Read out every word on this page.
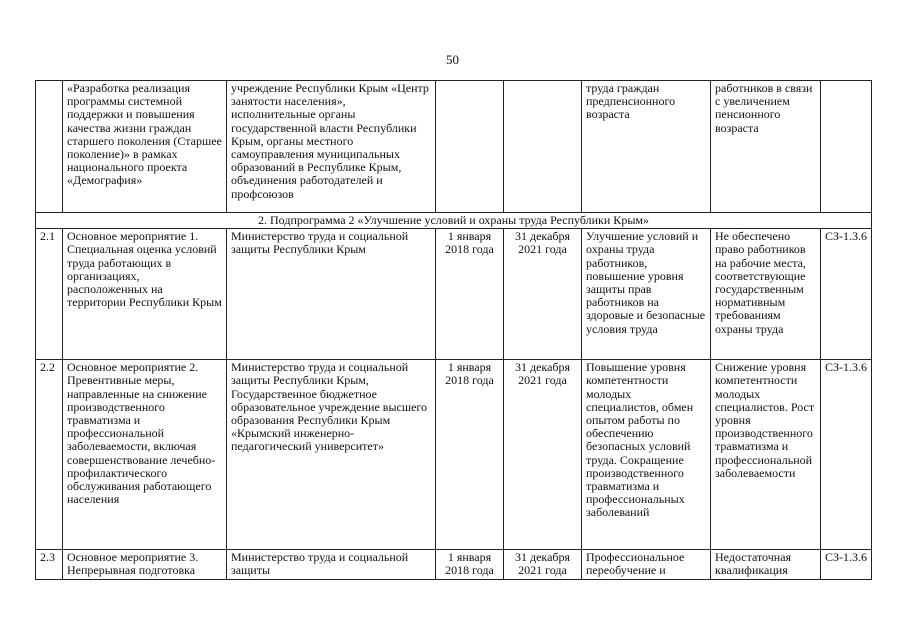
50
	«Разработка реализация программы системной поддержки и повышения качества жизни граждан старшего поколения (Старшее поколение)» в рамках национального проекта «Демография»	учреждение Республики Крым «Центр занятости населения», исполнительные органы государственной власти Республики Крым, органы местного самоуправления муниципальных образований в Республике Крым, объединения работодателей и профсоюзов			труда граждан предпенсионного возраста	работников в связи с увеличением пенсионного возраста	
2. Подпрограмма 2 «Улучшение условий и охраны труда Республики Крым»							
2.1	Основное мероприятие 1. Специальная оценка условий труда работающих в организациях, расположенных на территории Республики Крым	Министерство труда и социальной защиты Республики Крым	1 января 2018 года	31 декабря 2021 года	Улучшение условий и охраны труда работников, повышение уровня защиты прав работников на здоровые и безопасные условия труда	Не обеспечено право работников на рабочие места, соответствующие государственным нормативным требованиям охраны труда	СЗ-1.3.6
2.2	Основное мероприятие 2. Превентивные меры, направленные на снижение производственного травматизма и профессиональной заболеваемости, включая совершенствование лечебно-профилактического обслуживания работающего населения	Министерство труда и социальной защиты Республики Крым, Государственное бюджетное образовательное учреждение высшего образования Республики Крым «Крымский инженерно-педагогический университет»	1 января 2018 года	31 декабря 2021 года	Повышение уровня компетентности молодых специалистов, обмен опытом работы по обеспечению безопасных условий труда. Сокращение производственного травматизма и профессиональных заболеваний	Снижение уровня компетентности молодых специалистов. Рост уровня производственного травматизма и профессиональной заболеваемости	СЗ-1.3.6
2.3	Основное мероприятие 3. Непрерывная подготовка	Министерство труда и социальной защиты	1 января 2018 года	31 декабря 2021 года	Профессиональное переобучение и	Недостаточная квалификация	СЗ-1.3.6
